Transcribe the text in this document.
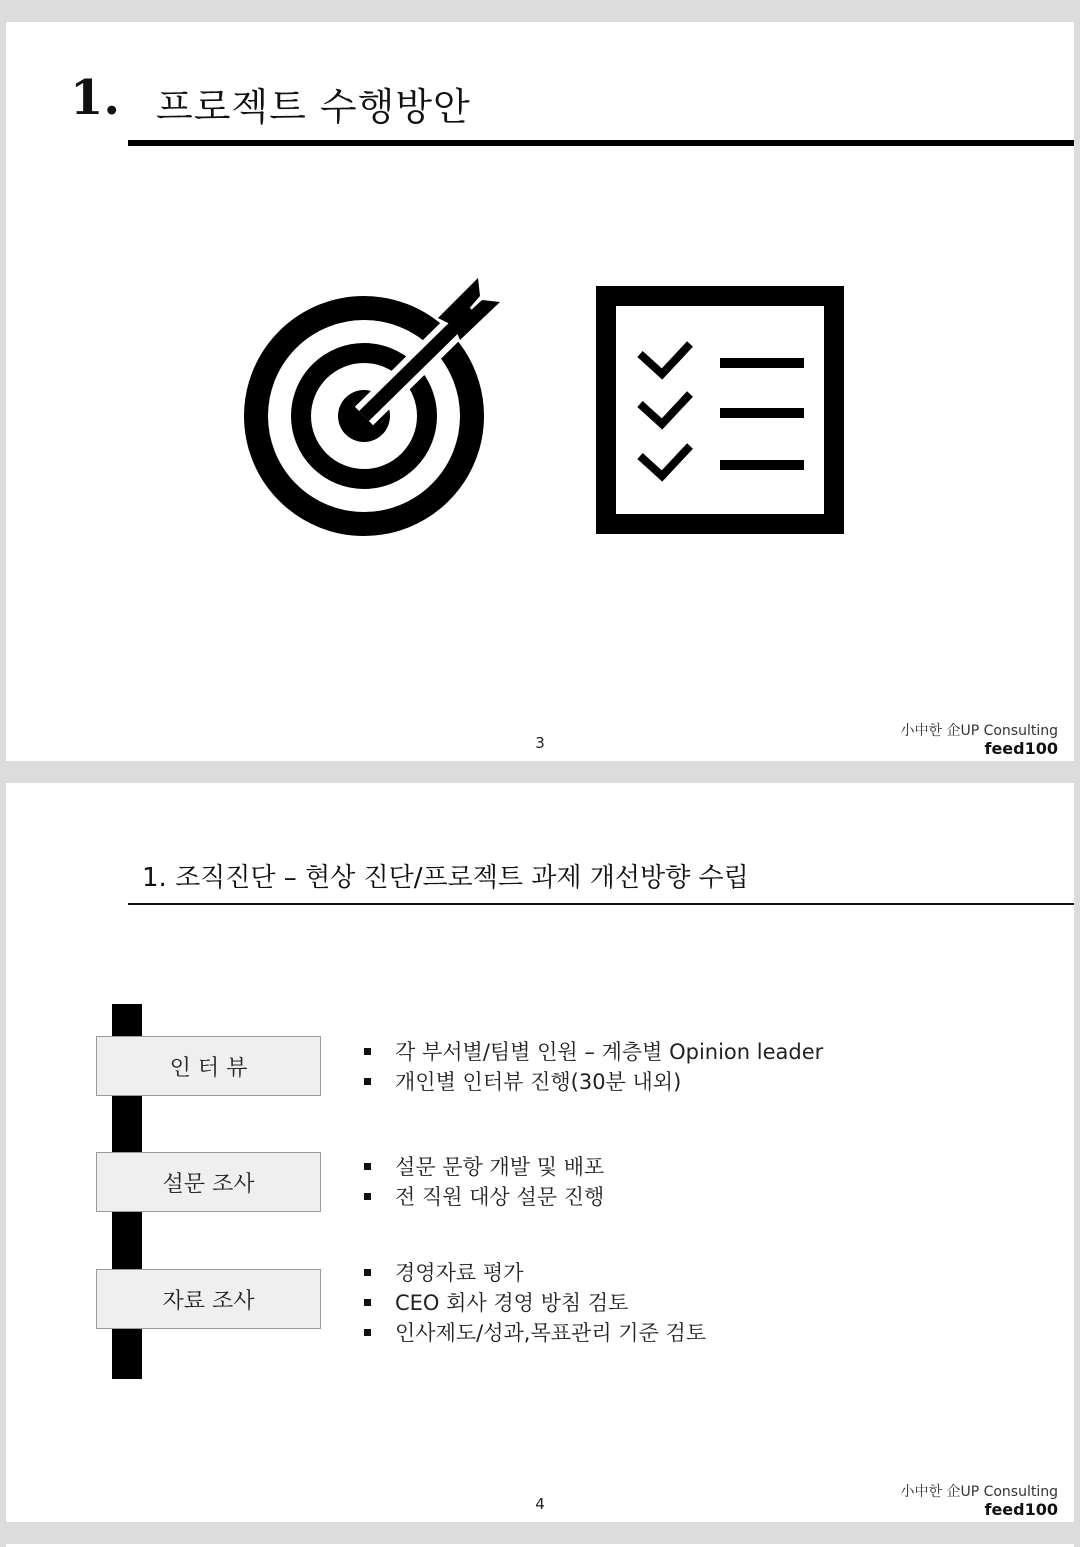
1. 프로젝트 수행방안
3
小中한 企UP Consulting
feed100
1. 조직진단 – 현상 진단/프로젝트 과제 개선방향 수립
인 터 뷰
각 부서별/팀별 인원 – 계층별 Opinion leader
개인별 인터뷰 진행(30분 내외)
설문 조사
설문 문항 개발 및 배포
전 직원 대상 설문 진행
자료 조사
경영자료 평가
CEO 회사 경영 방침 검토
인사제도/성과,목표관리 기준 검토
4
小中한 企UP Consulting
feed100
